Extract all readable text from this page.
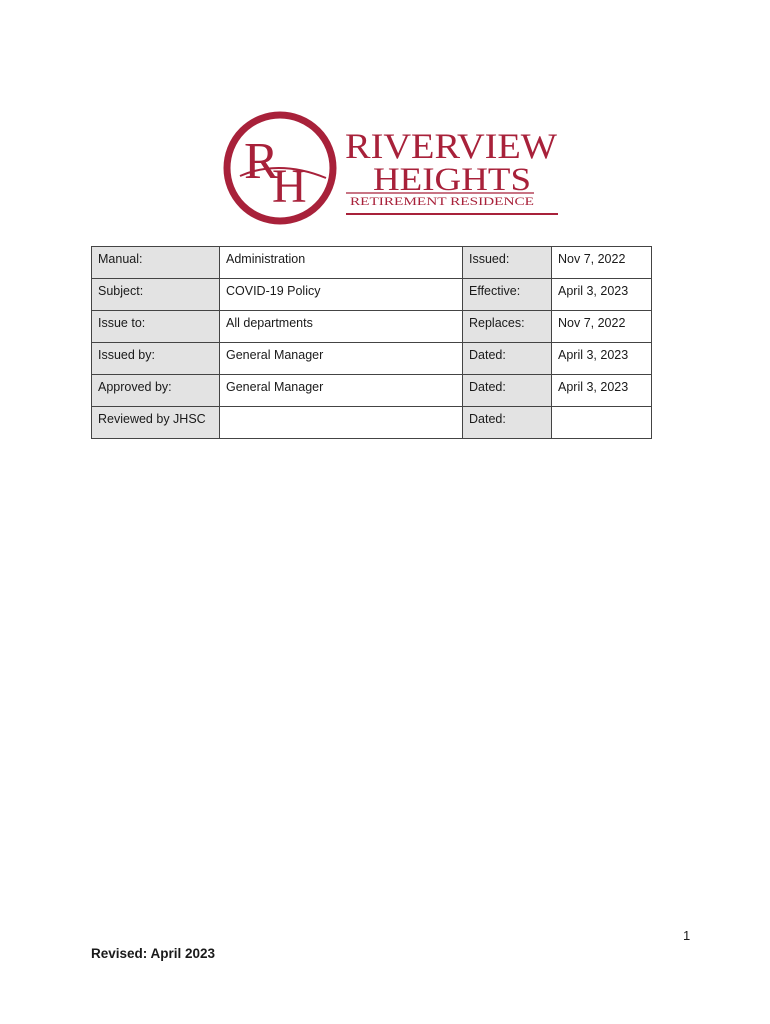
R
H
RIVERVIEW
HEIGHTS
RETIREMENT RESIDENCE
Manual:	Administration	Issued:	Nov 7, 2022
Subject:	COVID-19 Policy	Effective:	April 3, 2023
Issue to:	All departments	Replaces:	Nov 7, 2022
Issued by:	General Manager	Dated:	April 3, 2023
Approved by:	General Manager	Dated:	April 3, 2023
Reviewed by JHSC		Dated:	
1
Revised: April 2023
